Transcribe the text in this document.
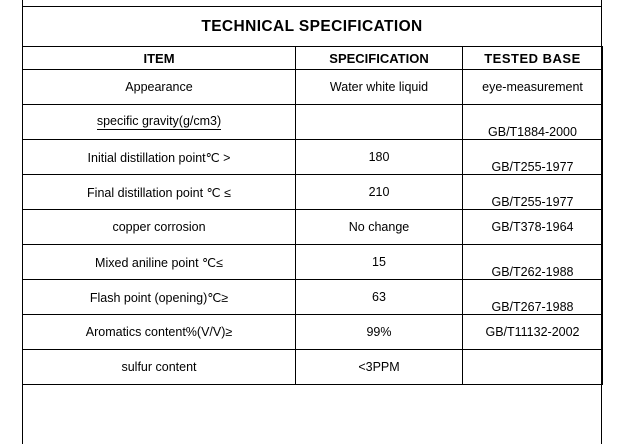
TECHNICAL SPECIFICATION
ITEM	SPECIFICATION	TESTED BASE
Appearance	Water white liquid	eye-measurement
specific gravity(g/cm3)		GB/T1884-2000

Initial distillation point℃ >	180	GB/T255-1977

Final distillation point ℃ ≤	210	GB/T255-1977

copper corrosion	No change	GB/T378-1964
Mixed aniline point ℃≤	15	GB/T262-1988

Flash point (opening)℃≥	63	GB/T267-1988

Aromatics content%(V/V)≥	99%	GB/T11132-2002
sulfur content	<3PPM	
